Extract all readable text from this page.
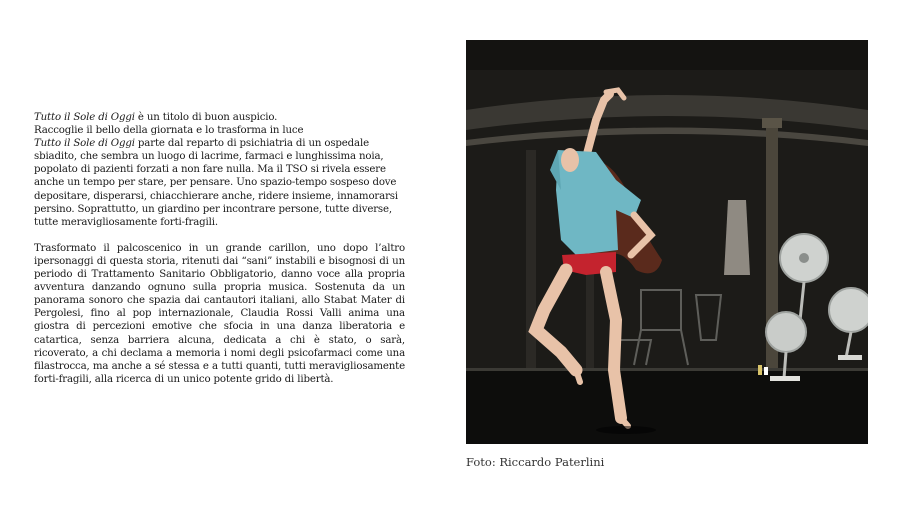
Tutto il Sole di Oggi è un titolo di buon auspicio.
Raccoglie il bello della giornata e lo trasforma in luce
Tutto il Sole di Oggi parte dal reparto di psichiatria di un ospedale sbiadito, che sembra un luogo di lacrime, farmaci e lunghissima noia, popolato di pazienti forzati a non fare nulla. Ma il TSO si rivela essere anche un tempo per stare, per pensare. Uno spazio-tempo sospeso dove depositare, disperarsi, chiacchierare anche, ridere insieme, innamorarsi persino. Soprattutto, un giardino per incontrare persone, tutte diverse, tutte meravigliosamente forti-fragili.

Trasformato il palcoscenico in un grande carillon, uno dopo l’altro ipersonaggi di questa storia, ritenuti dai “sani” instabili e bisognosi di un periodo di Trattamento Sanitario Obbligatorio, danno voce alla propria avventura danzando ognuno sulla propria musica. Sostenuta da un panorama sonoro che spazia dai cantautori italiani, allo Stabat Mater di Pergolesi, fino al pop internazionale, Claudia Rossi Valli anima una giostra di percezioni emotive che sfocia in una danza liberatoria e catartica, senza barriera alcuna, dedicata a chi è stato, o sarà, ricoverato, a chi declama a memoria i nomi degli psicofarmaci come una filastrocca, ma anche a sé stessa e a tutti quanti, tutti meravigliosamente forti-fragili, alla ricerca di un unico potente grido di libertà.

Foto: Riccardo Paterlini
